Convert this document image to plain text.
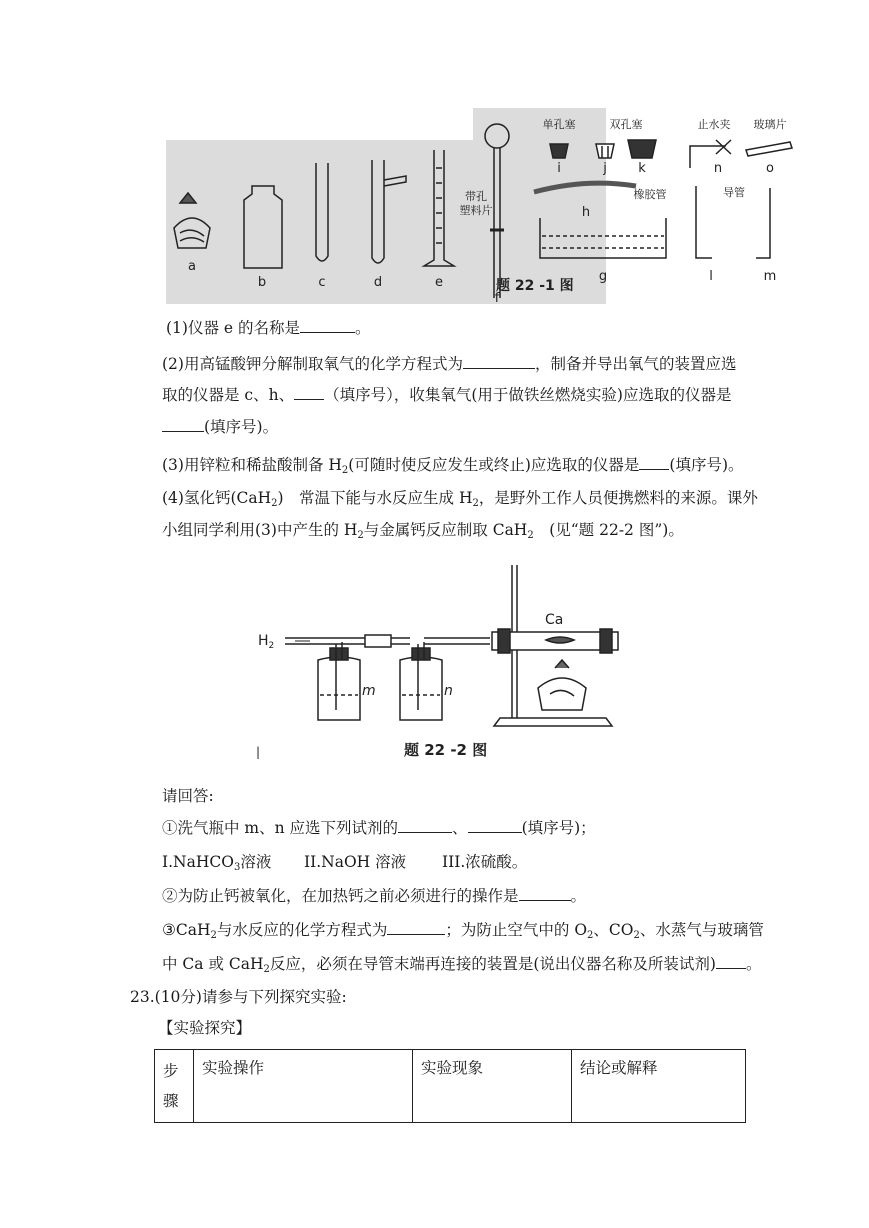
a
b	c	d	e
f
g
h
i	j k
l	m
n	o
单孔塞	双孔塞
橡胶管
带孔
塑料片
止水夹 玻璃片
导管
题 22 -1 图
(1)仪器 e 的名称是	。
(2)用高锰酸钾分解制取氧气的化学方程式为	，制备并导出氧气的装置应选
取的仪器是 c、h、 （填序号），收集氧气(用于做铁丝燃烧实验)应选取的仪器是
(填序号)。
(3)用锌粒和稀盐酸制备 $H_2$(可随时使反应发生或终止)应选取的仪器是 (填序号)。
(4)氢化钙(CaH$_2$)　常温下能与水反应生成 $H_2$，是野外工作人员便携燃料的来源。课外
小组同学利用(3)中产生的 $H_2$与金属钙反应制取 CaH$_2$　(见“题 22-2 图”)。
$H_2$
Ca
m	n
|	题 22 -2 图
请回答:
①洗气瓶中 m、n 应选下列试剂的	、	(填序号)；
I.NaHCO$_3$溶液 II.NaOH 溶液 III.浓硫酸。
②为防止钙被氧化，在加热钙之前必须进行的操作是	。
③CaH$_2$与水反应的化学方程式为	；为防止空气中的 $O_2$、$CO_2$、水蒸气与玻璃管
中 Ca 或 CaH$_2$反应，必须在导管末端再连接的装置是(说出仪器名称及所装试剂) 。
23.(10分)请参与下列探究实验:
【实验探究】
步
骤	实验操作	实验现象	结论或解释
